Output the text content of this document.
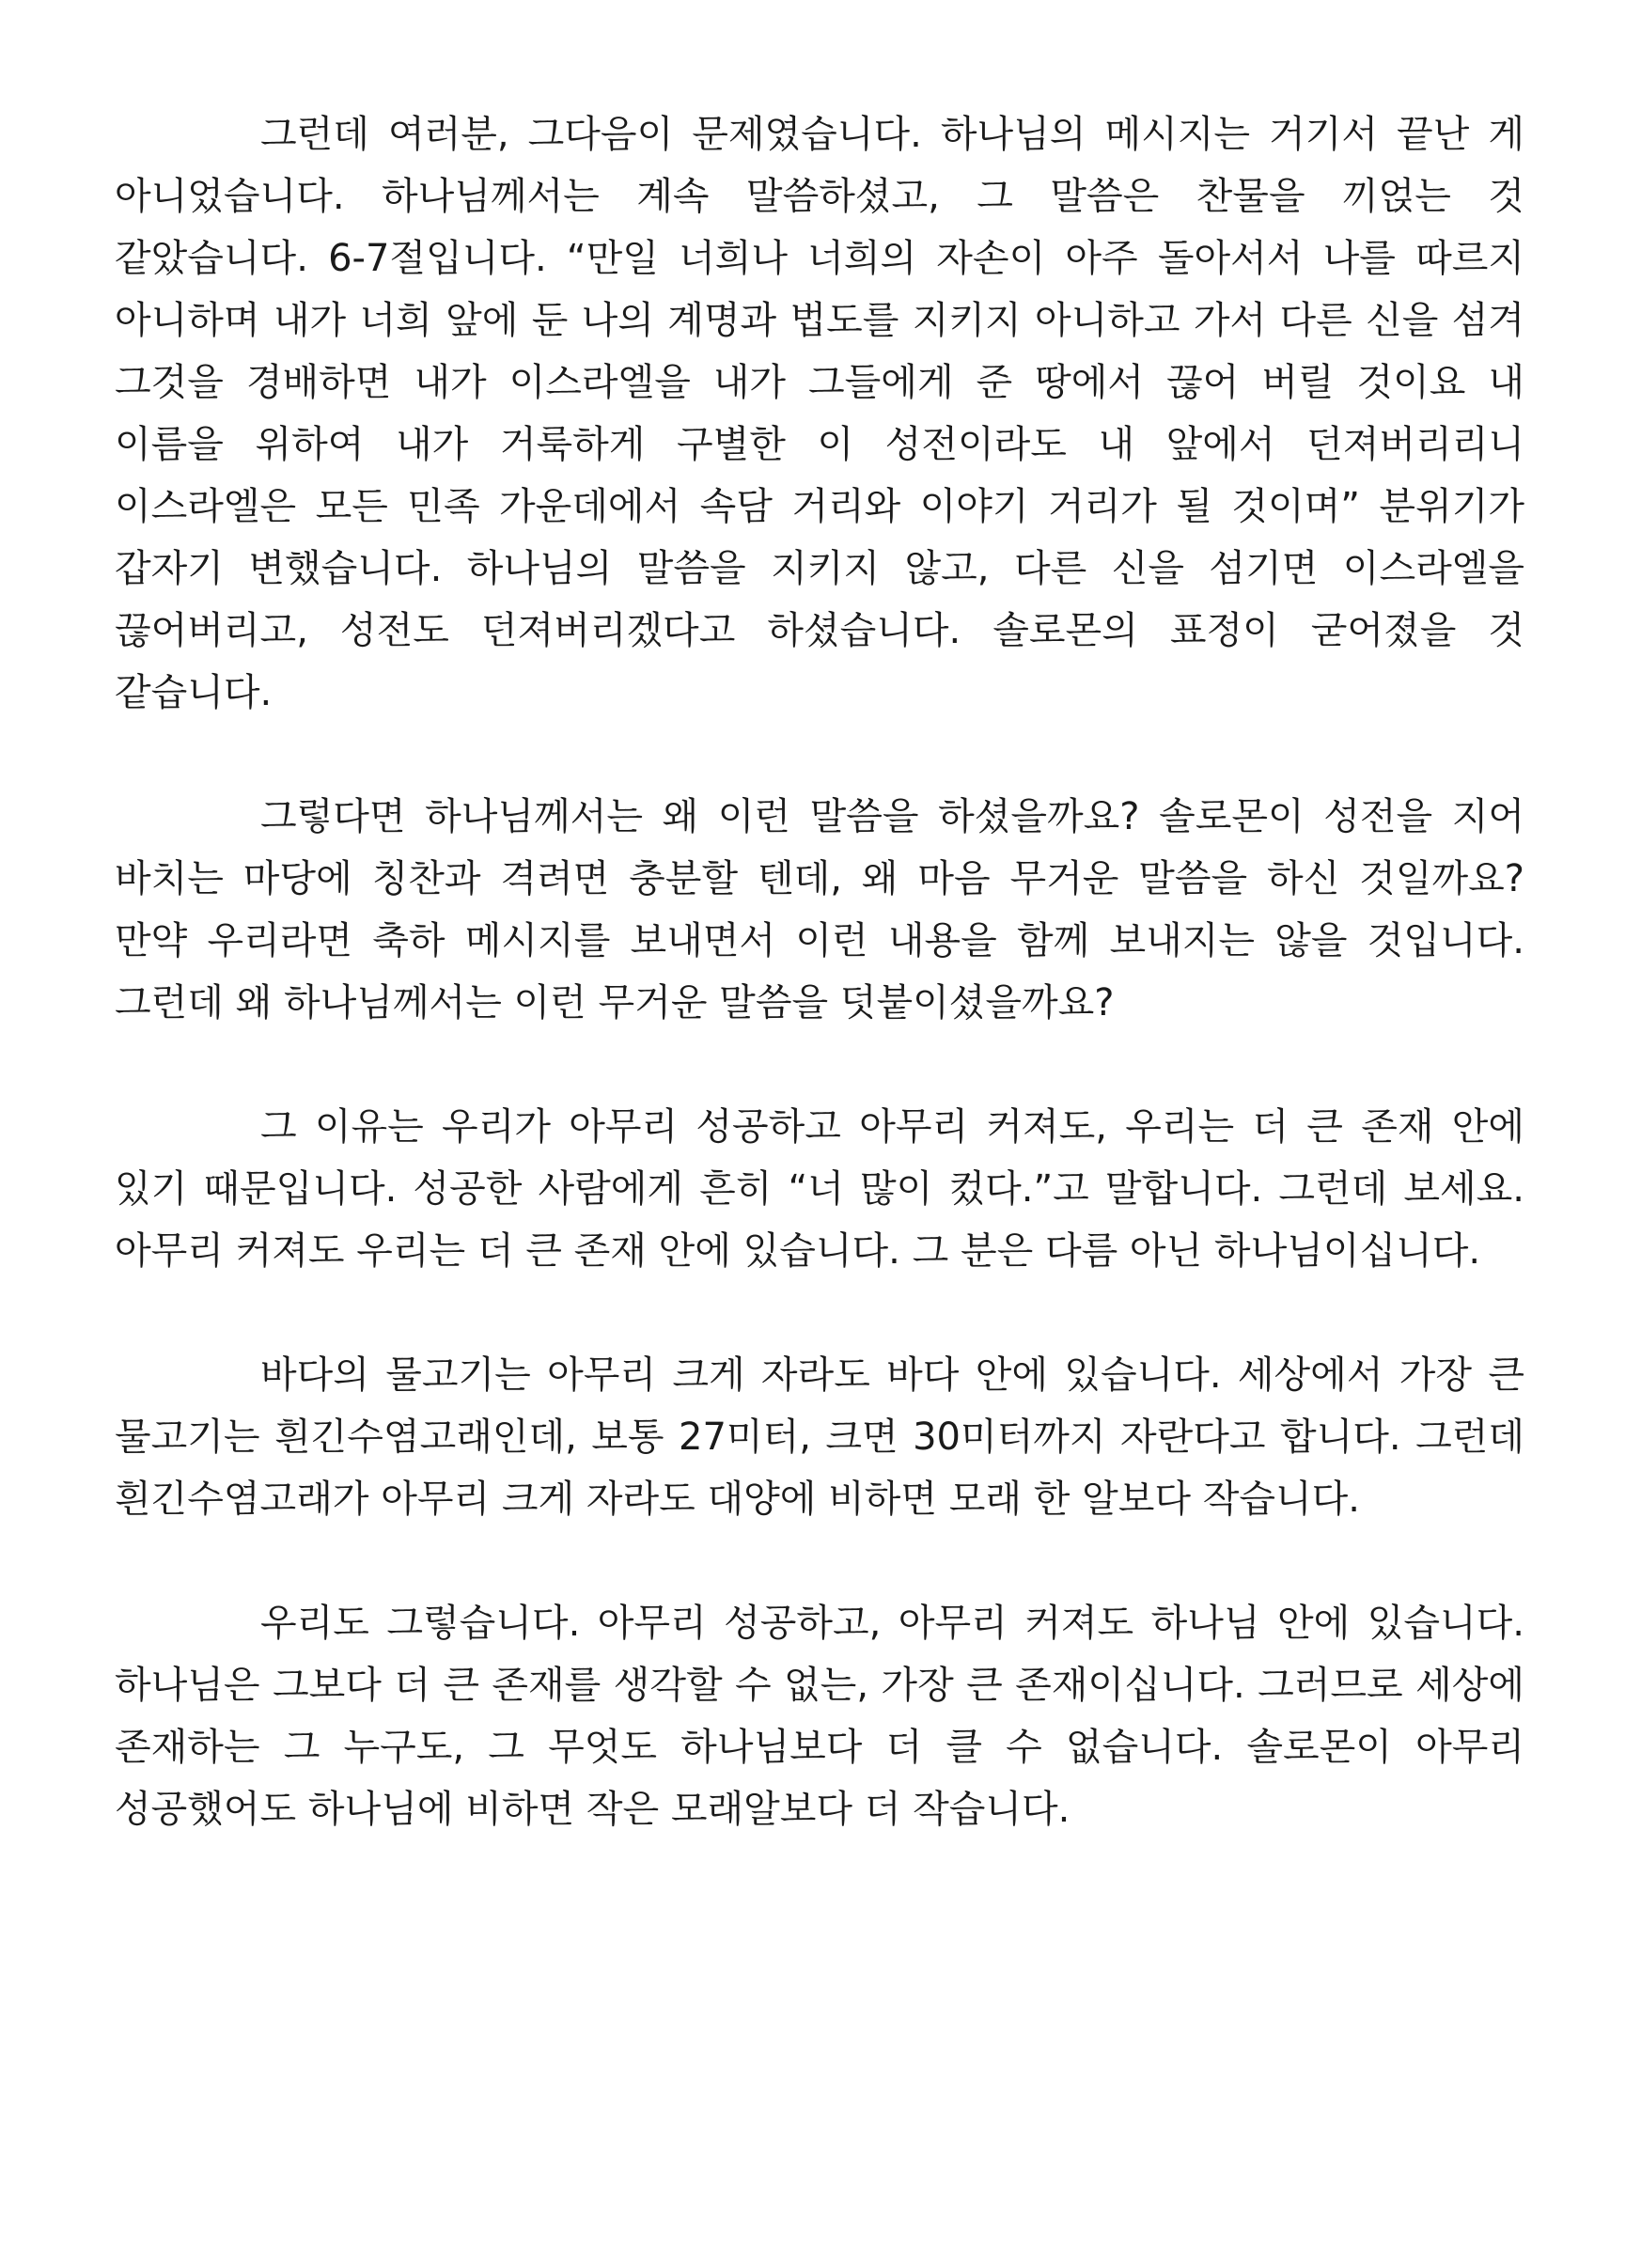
그런데 여러분, 그다음이 문제였습니다. 하나님의 메시지는 거기서 끝난 게 아니었습니다. 하나님께서는 계속 말씀하셨고, 그 말씀은 찬물을 끼얹는 것 같았습니다. 6-7절입니다. “만일 너희나 너희의 자손이 아주 돌아서서 나를 따르지 아니하며 내가 너희 앞에 둔 나의 계명과 법도를 지키지 아니하고 가서 다른 신을 섬겨 그것을 경배하면 내가 이스라엘을 내가 그들에게 준 땅에서 끊어 버릴 것이요 내 이름을 위하여 내가 거룩하게 구별한 이 성전이라도 내 앞에서 던져버리리니 이스라엘은 모든 민족 가운데에서 속담 거리와 이야기 거리가 될 것이며” 분위기가 갑자기 변했습니다. 하나님의 말씀을 지키지 않고, 다른 신을 섬기면 이스라엘을 끊어버리고, 성전도 던져버리겠다고 하셨습니다. 솔로몬의 표정이 굳어졌을 것 같습니다.

그렇다면 하나님께서는 왜 이런 말씀을 하셨을까요? 솔로몬이 성전을 지어 바치는 마당에 칭찬과 격려면 충분할 텐데, 왜 마음 무거운 말씀을 하신 것일까요? 만약 우리라면 축하 메시지를 보내면서 이런 내용을 함께 보내지는 않을 것입니다. 그런데 왜 하나님께서는 이런 무거운 말씀을 덧붙이셨을까요?

그 이유는 우리가 아무리 성공하고 아무리 커져도, 우리는 더 큰 존재 안에 있기 때문입니다. 성공한 사람에게 흔히 “너 많이 컸다.”고 말합니다. 그런데 보세요. 아무리 커져도 우리는 더 큰 존재 안에 있습니다. 그 분은 다름 아닌 하나님이십니다.

바다의 물고기는 아무리 크게 자라도 바다 안에 있습니다. 세상에서 가장 큰 물고기는 흰긴수염고래인데, 보통 27미터, 크면 30미터까지 자란다고 합니다. 그런데 흰긴수염고래가 아무리 크게 자라도 대양에 비하면 모래 한 알보다 작습니다.

우리도 그렇습니다. 아무리 성공하고, 아무리 커져도 하나님 안에 있습니다. 하나님은 그보다 더 큰 존재를 생각할 수 없는, 가장 큰 존재이십니다. 그러므로 세상에 존재하는 그 누구도, 그 무엇도 하나님보다 더 클 수 없습니다. 솔로몬이 아무리 성공했어도 하나님에 비하면 작은 모래알보다 더 작습니다.
